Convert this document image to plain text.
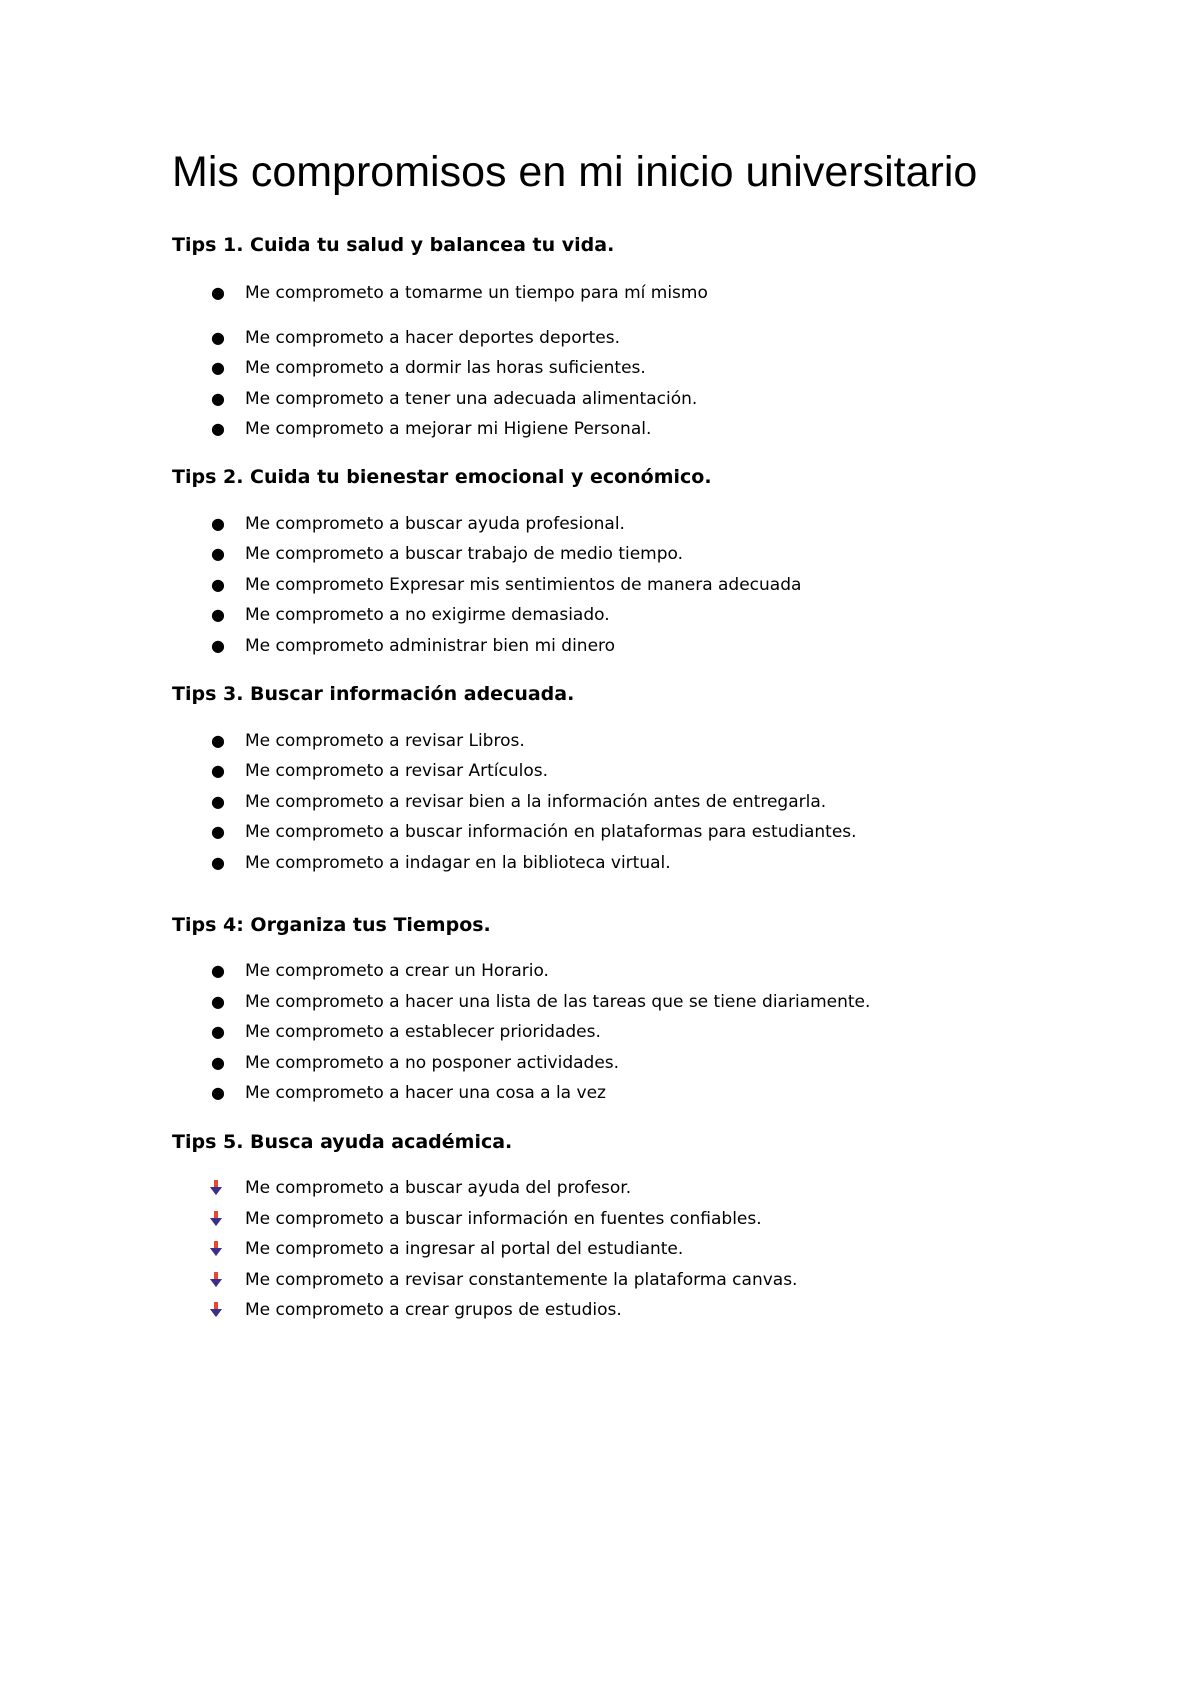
Mis compromisos en mi inicio universitario
Tips 1. Cuida tu salud y balancea tu vida.
● Me comprometo a tomarme un tiempo para mí mismo
● Me comprometo a hacer deportes deportes.
● Me comprometo a dormir las horas suficientes.
● Me comprometo a tener una adecuada alimentación.
● Me comprometo a mejorar mi Higiene Personal.
Tips 2. Cuida tu bienestar emocional y económico.
● Me comprometo a buscar ayuda profesional.
● Me comprometo a buscar trabajo de medio tiempo.
● Me comprometo Expresar mis sentimientos de manera adecuada
● Me comprometo a no exigirme demasiado.
● Me comprometo administrar bien mi dinero
Tips 3. Buscar información adecuada.
● Me comprometo a revisar Libros.
● Me comprometo a revisar Artículos.
● Me comprometo a revisar bien a la información antes de entregarla.
● Me comprometo a buscar información en plataformas para estudiantes.
● Me comprometo a indagar en la biblioteca virtual.
Tips 4: Organiza tus Tiempos.
● Me comprometo a crear un Horario.
● Me comprometo a hacer una lista de las tareas que se tiene diariamente.
● Me comprometo a establecer prioridades.
● Me comprometo a no posponer actividades.
● Me comprometo a hacer una cosa a la vez
Tips 5. Busca ayuda académica.
Me comprometo a buscar ayuda del profesor.
Me comprometo a buscar información en fuentes confiables.
Me comprometo a ingresar al portal del estudiante.
Me comprometo a revisar constantemente la plataforma canvas.
Me comprometo a crear grupos de estudios.
